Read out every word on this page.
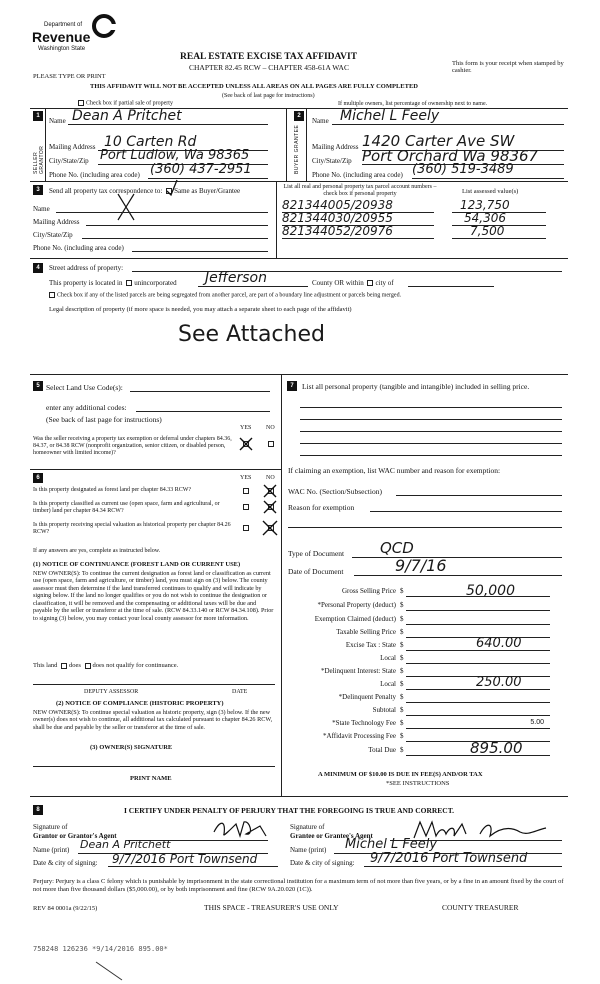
Department of
Revenue
Washington State
REAL ESTATE EXCISE TAX AFFIDAVIT
CHAPTER 82.45 RCW – CHAPTER 458-61A WAC
PLEASE TYPE OR PRINT
THIS AFFIDAVIT WILL NOT BE ACCEPTED UNLESS ALL AREAS ON ALL PAGES ARE FULLY COMPLETED
(See back of last page for instructions)
This form is your receipt when stamped by cashier.
Check box if partial sale of property	If multiple owners, list percentage of ownership next to name.
1
SELLER GRANTOR
Name Dean A Pritchet
Mailing Address 10 Carten Rd
City/State/Zip Port Ludlow, Wa 98365
Phone No. (including area code) (360) 437-2951
2
BUYER GRANTEE
Name Michel L Feely
Mailing Address 1420 Carter Ave SW
City/State/Zip Port Orchard Wa 98367
Phone No. (including area code) (360) 519-3489
3	Send all property tax correspondence to: Same as Buyer/Grantee
Name
Mailing Address
City/State/Zip
Phone No. (including area code)
List all real and personal property tax parcel account numbers – check box if personal property	List assessed value(s)
821344005/20938	123,750
821344030/20955	54,306
821344052/20976	7,500
4	Street address of property:
This property is located in unincorporated Jefferson	County OR within city of
Check box if any of the listed parcels are being segregated from another parcel, are part of a boundary line adjustment or parcels being merged.
Legal description of property (if more space is needed, you may attach a separate sheet to each page of the affidavit)
See Attached
5 Select Land Use Code(s):
enter any additional codes:
(See back of last page for instructions)
YES NO
Was the seller receiving a property tax exemption or deferral under chapters 84.36, 84.37, or 84.38 RCW (nonprofit organization, senior citizen, or disabled person, homeowner with limited income)?
6	YES NO
Is this property designated as forest land per chapter 84.33 RCW?
Is this property classified as current use (open space, farm and agricultural, or timber) land per chapter 84.34 RCW?
Is this property receiving special valuation as historical property per chapter 84.26 RCW?
If any answers are yes, complete as instructed below.
(1) NOTICE OF CONTINUANCE (FOREST LAND OR CURRENT USE)
NEW OWNER(S): To continue the current designation as forest land or classification as current use (open space, farm and agriculture, or timber) land, you must sign on (3) below. The county assessor must then determine if the land transferred continues to qualify and will indicate by signing below. If the land no longer qualifies or you do not wish to continue the designation or classification, it will be removed and the compensating or additional taxes will be due and payable by the seller or transferor at the time of sale. (RCW 84.33.140 or RCW 84.34.108). Prior to signing (3) below, you may contact your local county assessor for more information.
This land does does not qualify for continuance.
DEPUTY ASSESSOR	DATE
(2) NOTICE OF COMPLIANCE (HISTORIC PROPERTY)
NEW OWNER(S): To continue special valuation as historic property, sign (3) below. If the new owner(s) does not wish to continue, all additional tax calculated pursuant to chapter 84.26 RCW, shall be due and payable by the seller or transferor at the time of sale.
(3) OWNER(S) SIGNATURE
PRINT NAME
7	List all personal property (tangible and intangible) included in selling price.
If claiming an exemption, list WAC number and reason for exemption:
WAC No. (Section/Subsection)
Reason for exemption
Type of Document QCD
Date of Document	9/7/16
Gross Selling Price $	50,000
*Personal Property (deduct) $
Exemption Claimed (deduct) $
Taxable Selling Price $
Excise Tax : State $	640.00
Local $
*Delinquent Interest: State $
Local $	250.00
*Delinquent Penalty $
Subtotal $
*State Technology Fee $	5.00
*Affidavit Processing Fee $
Total Due $	895.00
A MINIMUM OF $10.00 IS DUE IN FEE(S) AND/OR TAX
*SEE INSTRUCTIONS
8	I CERTIFY UNDER PENALTY OF PERJURY THAT THE FOREGOING IS TRUE AND CORRECT.
Signature of
Grantor or Grantor's Agent
Name (print) Dean A Pritchett
Date & city of signing: 9/7/2016 Port Townsend
Signature of
Grantee or Grantee's Agent
Name (print) Michel L Feely
Date & city of signing: 9/7/2016 Port Townsend
Perjury: Perjury is a class C felony which is punishable by imprisonment in the state correctional institution for a maximum term of not more than five years, or by a fine in an amount fixed by the court of not more than five thousand dollars ($5,000.00), or by both imprisonment and fine (RCW 9A.20.020 (1C)).
REV 84 0001a (9/22/15)	THIS SPACE - TREASURER'S USE ONLY	COUNTY TREASURER
758248 126236 *9/14/2016 895.00*
